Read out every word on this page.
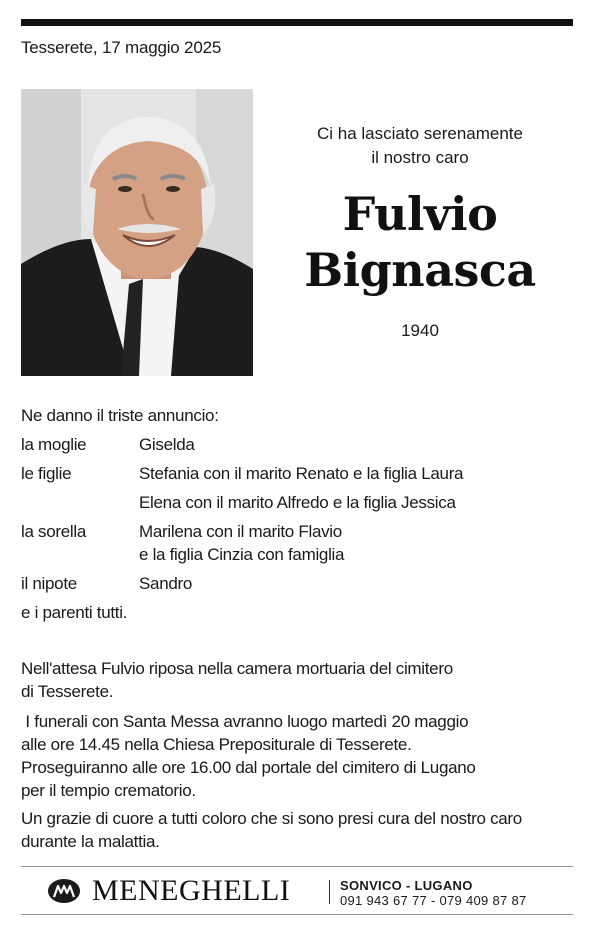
Tesserete, 17 maggio 2025
Ci ha lasciato serenamente
il nostro caro
Fulvio
Bignasca
1940
Ne danno il triste annuncio:
la moglie	Giselda
le figlie	Stefania con il marito Renato e la figlia Laura
Elena con il marito Alfredo e la figlia Jessica
la sorella	Marilena con il marito Flavio
e la figlia Cinzia con famiglia
il nipote	Sandro
e i parenti tutti.
Nell'attesa Fulvio riposa nella camera mortuaria del cimitero
di Tesserete.
I funerali con Santa Messa avranno luogo martedì 20 maggio
alle ore 14.45 nella Chiesa Prepositurale di Tesserete.
Proseguiranno alle ore 16.00 dal portale del cimitero di Lugano
per il tempio crematorio.
Un grazie di cuore a tutti coloro che si sono presi cura del nostro caro
durante la malattia.
MENEGHELLI	SONVICO - LUGANO
091 943 67 77 - 079 409 87 87
